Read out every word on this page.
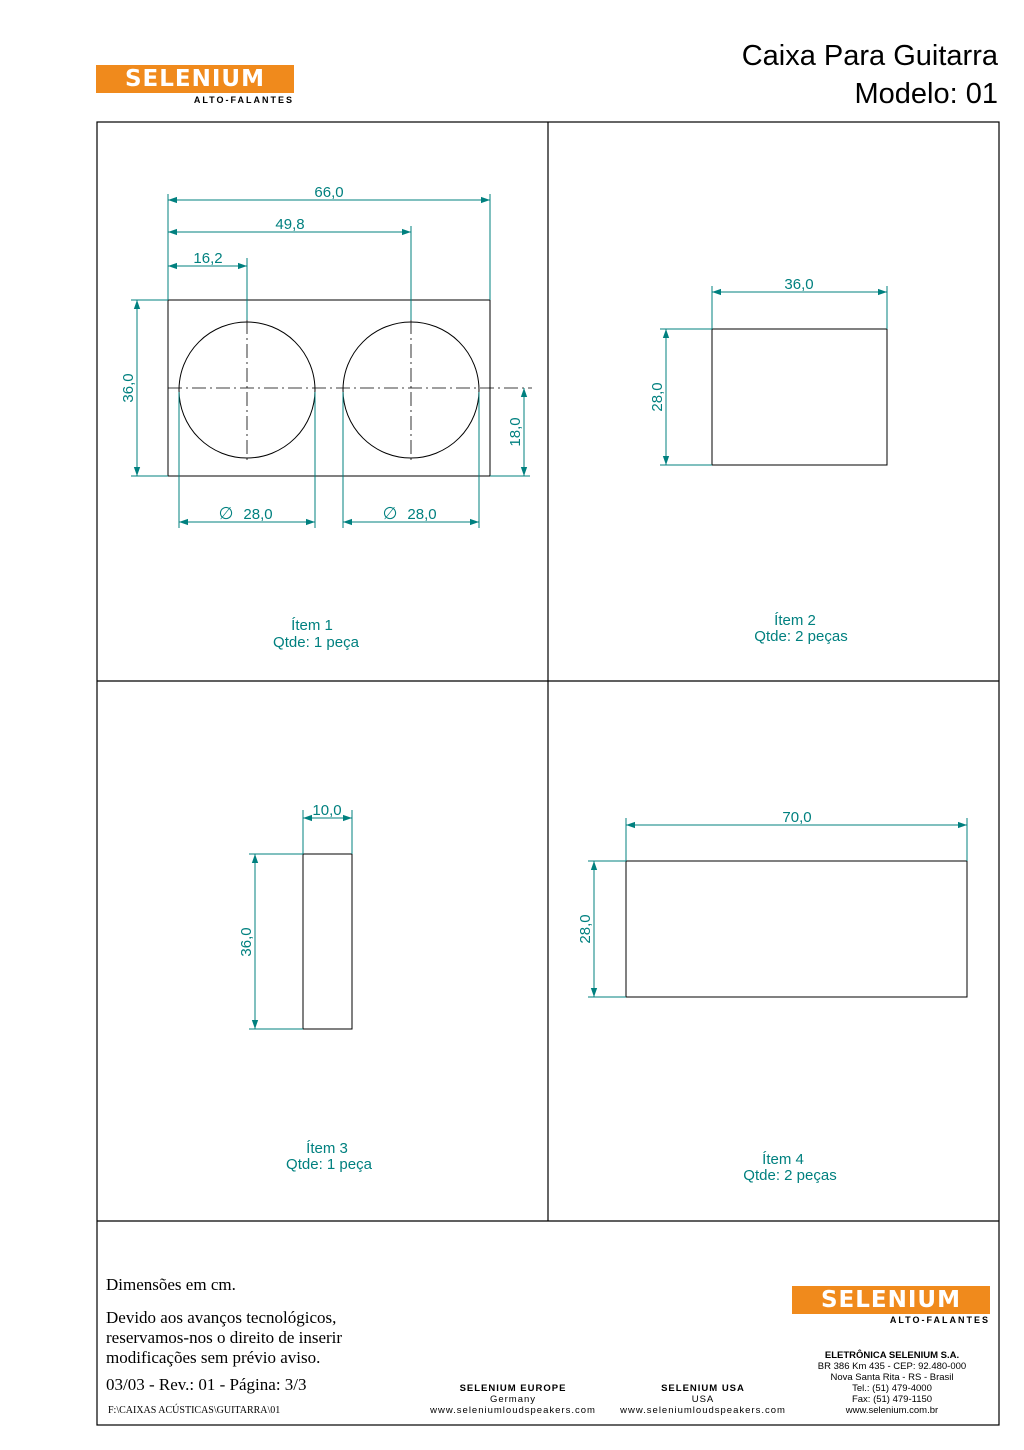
SELENIUM
ALTO-FALANTES
Caixa Para Guitarra
Modelo: 01
66,0
49,8
16,2
36,0
18,0
∅ 28,0	∅ 28,0
Ítem 1
Qtde: 1 peça
36,0
28,0
Ítem 2
Qtde: 2 peças
10,0
36,0
Ítem 3
Qtde: 1 peça
70,0
28,0
Ítem 4
Qtde: 2 peças
Dimensões em cm.
Devido aos avanços tecnológicos,
reservamos-nos o direito de inserir
modificações sem prévio aviso.
03/03 - Rev.: 01 - Página: 3/3
F:\CAIXAS ACÚSTICAS\GUITARRA\01
SELENIUM EUROPE
Germany
www.seleniumloudspeakers.com
SELENIUM USA
USA
www.seleniumloudspeakers.com
SELENIUM
ALTO-FALANTES
ELETRÔNICA SELENIUM S.A.
BR 386 Km 435 - CEP: 92.480-000
Nova Santa Rita - RS - Brasil
Tel.: (51) 479-4000
Fax: (51) 479-1150
www.selenium.com.br
